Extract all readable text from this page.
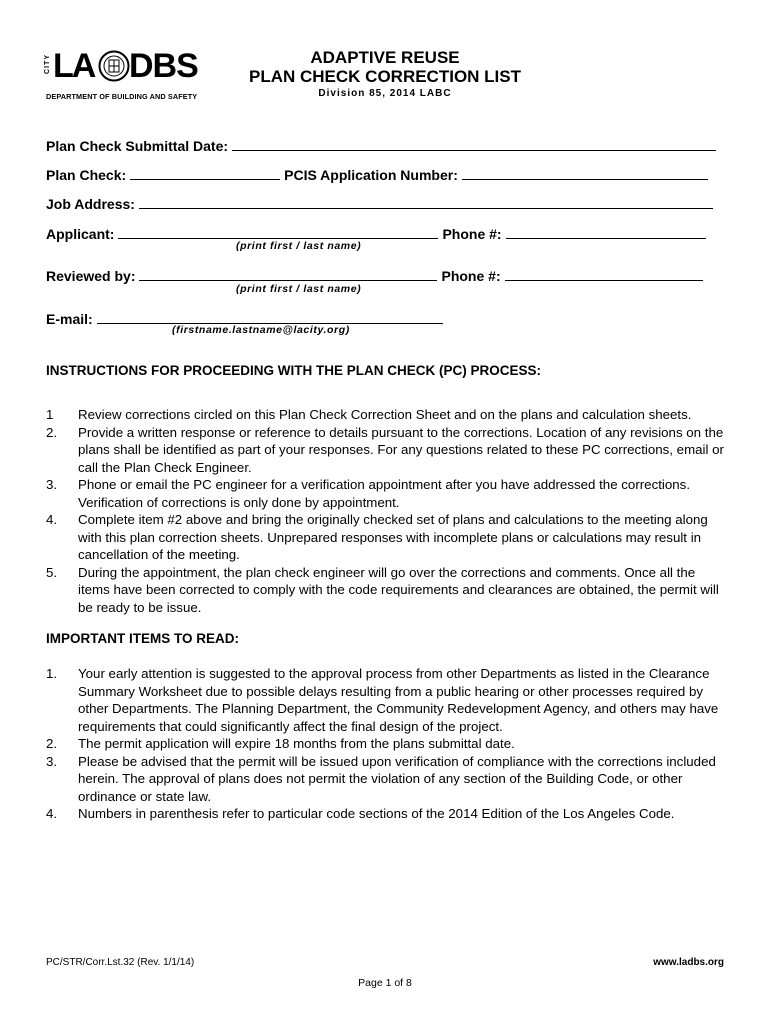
CITY LA DBS
DEPARTMENT OF BUILDING AND SAFETY
ADAPTIVE REUSE
PLAN CHECK CORRECTION LIST
Division 85, 2014 LABC
Plan Check Submittal Date:
Plan Check:	PCIS Application Number:
Job Address:
Applicant:	Phone #:
(print first / last name)
Reviewed by:	Phone #:
(print first / last name)
E-mail:
(firstname.lastname@lacity.org)
INSTRUCTIONS FOR PROCEEDING WITH THE PLAN CHECK (PC) PROCESS:
1	Review corrections circled on this Plan Check Correction Sheet and on the plans and calculation sheets.
2.	Provide a written response or reference to details pursuant to the corrections. Location of any revisions on the plans shall be identified as part of your responses. For any questions related to these PC corrections, email or call the Plan Check Engineer.
3.	Phone or email the PC engineer for a verification appointment after you have addressed the corrections. Verification of corrections is only done by appointment.
4.	Complete item #2 above and bring the originally checked set of plans and calculations to the meeting along with this plan correction sheets. Unprepared responses with incomplete plans or calculations may result in cancellation of the meeting.
5.	During the appointment, the plan check engineer will go over the corrections and comments. Once all the items have been corrected to comply with the code requirements and clearances are obtained, the permit will be ready to be issue.
IMPORTANT ITEMS TO READ:
1.	Your early attention is suggested to the approval process from other Departments as listed in the Clearance Summary Worksheet due to possible delays resulting from a public hearing or other processes required by other Departments. The Planning Department, the Community Redevelopment Agency, and others may have requirements that could significantly affect the final design of the project.
2.	The permit application will expire 18 months from the plans submittal date.
3.	Please be advised that the permit will be issued upon verification of compliance with the corrections included herein. The approval of plans does not permit the violation of any section of the Building Code, or other ordinance or state law.
4.	Numbers in parenthesis refer to particular code sections of the 2014 Edition of the Los Angeles Code.
PC/STR/Corr.Lst.32 (Rev. 1/1/14)	www.ladbs.org
Page 1 of 8
